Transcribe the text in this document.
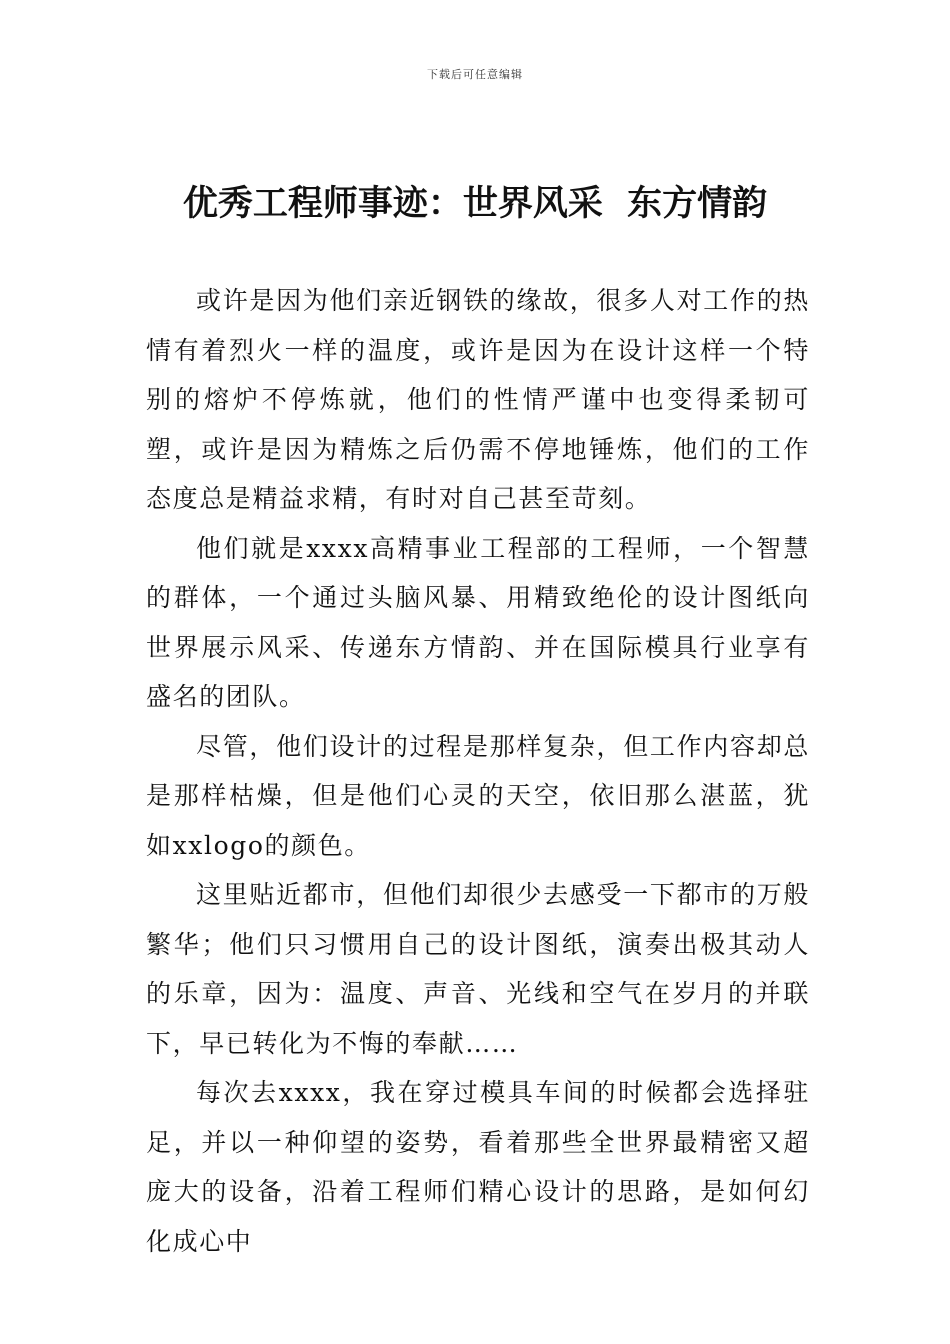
下载后可任意编辑
优秀工程师事迹：世界风采  东方情韵

或许是因为他们亲近钢铁的缘故，很多人对工作的热情有着烈火一样的温度，或许是因为在设计这样一个特别的熔炉不停炼就，他们的性情严谨中也变得柔韧可塑，或许是因为精炼之后仍需不停地锤炼，他们的工作态度总是精益求精，有时对自己甚至苛刻。

他们就是xxxx高精事业工程部的工程师，一个智慧的群体，一个通过头脑风暴、用精致绝伦的设计图纸向世界展示风采、传递东方情韵、并在国际模具行业享有盛名的团队。

尽管，他们设计的过程是那样复杂，但工作内容却总是那样枯燥，但是他们心灵的天空，依旧那么湛蓝，犹如xxlogo的颜色。

这里贴近都市，但他们却很少去感受一下都市的万般繁华；他们只习惯用自己的设计图纸，演奏出极其动人的乐章，因为：温度、声音、光线和空气在岁月的并联下，早已转化为不悔的奉献……

每次去xxxx，我在穿过模具车间的时候都会选择驻足，并以一种仰望的姿势，看着那些全世界最精密又超庞大的设备，沿着工程师们精心设计的思路，是如何幻化成心中
